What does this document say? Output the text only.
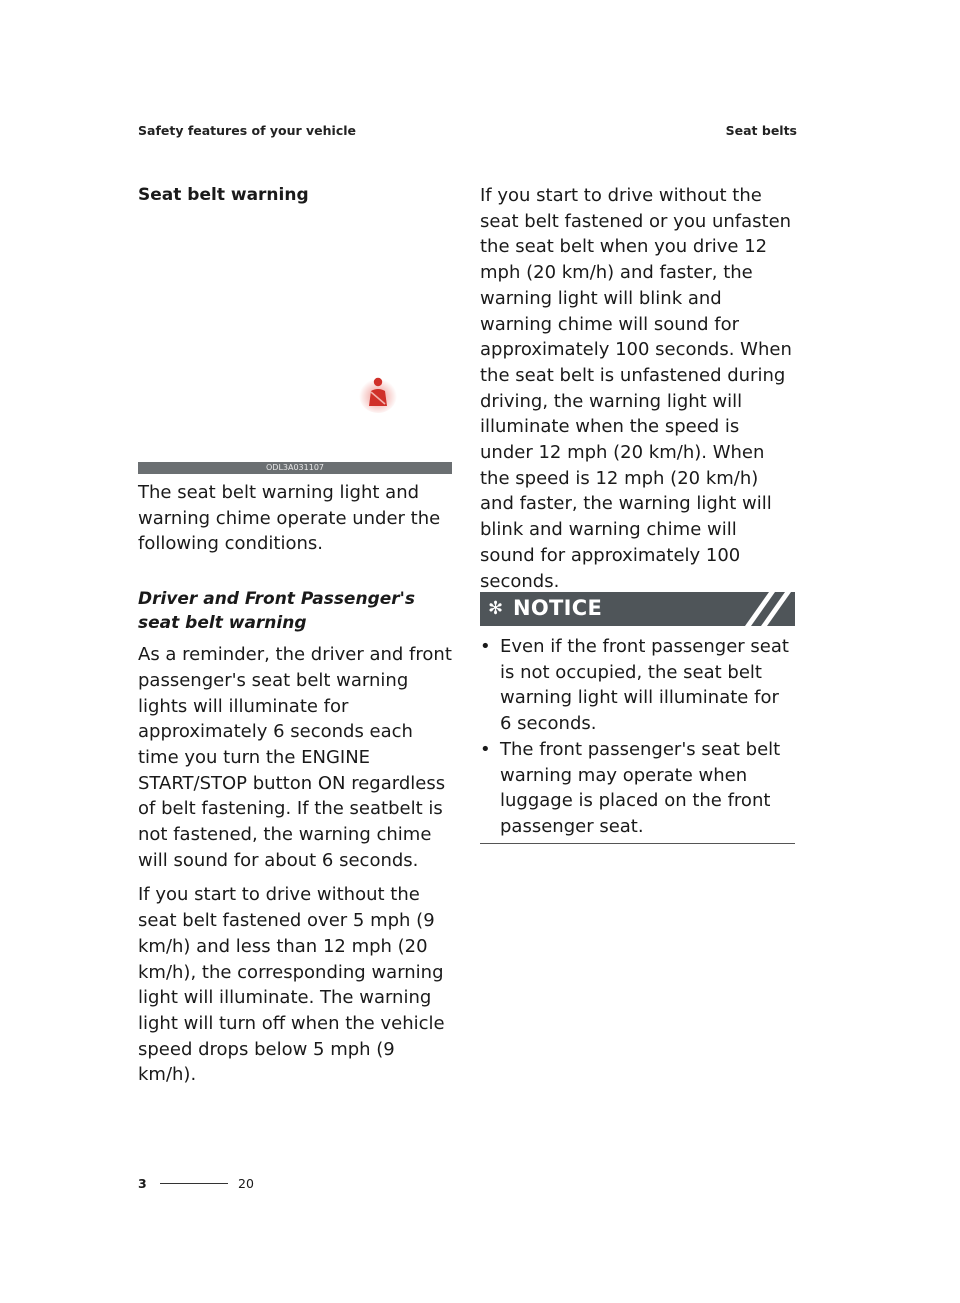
Safety features of your vehicle	Seat belts
Seat belt warning
ODL3A031107

The seat belt warning light and warning chime operate under the following conditions.

Driver and Front Passenger's seat belt warning

As a reminder, the driver and front passenger's seat belt warning lights will illuminate for approximately 6 seconds each time you turn the ENGINE START/STOP button ON regardless of belt fastening. If the seatbelt is not fastened, the warning chime will sound for about 6 seconds.

If you start to drive without the seat belt fastened over 5 mph (9 km/h) and less than 12 mph (20 km/h), the corresponding warning light will illuminate. The warning light will turn off when the vehicle speed drops below 5 mph (9 km/h).

If you start to drive without the seat belt fastened or you unfasten the seat belt when you drive 12 mph (20 km/h) and faster, the warning light will blink and warning chime will sound for approximately 100 seconds. When the seat belt is unfastened during driving, the warning light will illuminate when the speed is under 12 mph (20 km/h). When the speed is 12 mph (20 km/h) and faster, the warning light will blink and warning chime will sound for approximately 100 seconds.

✻ NOTICE
• Even if the front passenger seat is not occupied, the seat belt warning light will illuminate for 6 seconds.
• The front passenger's seat belt warning may operate when luggage is placed on the front passenger seat.
3	20
